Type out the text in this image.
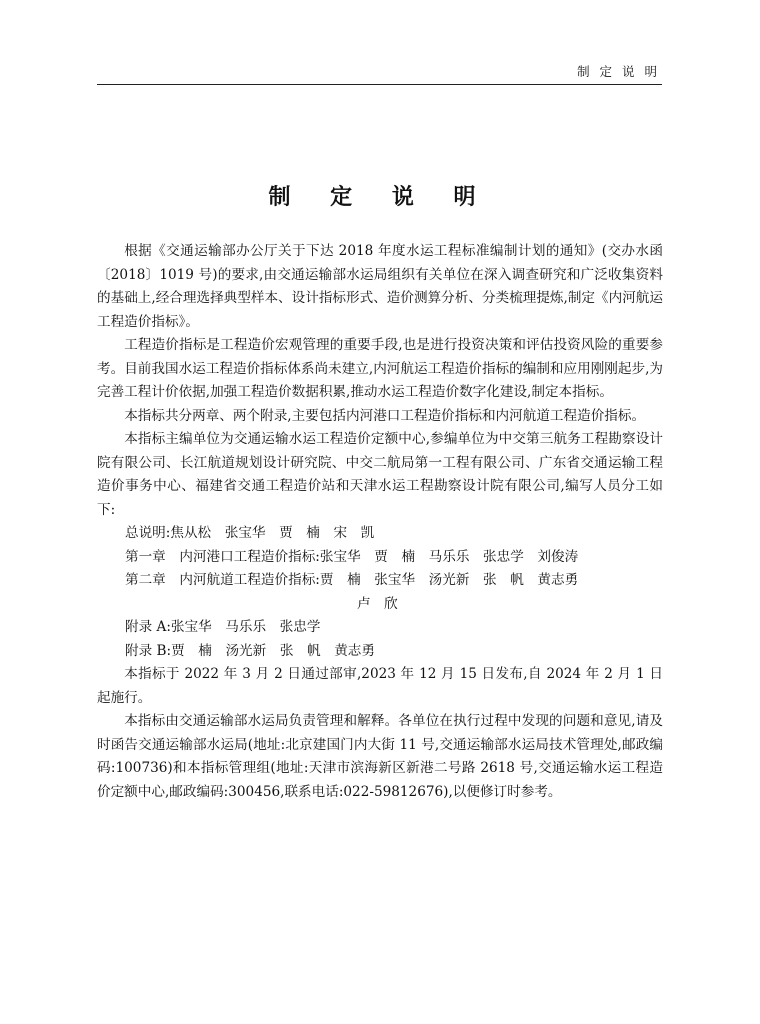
制 定 说 明
制 定 说 明

根据《交通运输部办公厅关于下达 2018 年度水运工程标准编制计划的通知》(交办水函〔2018〕1019 号)的要求,由交通运输部水运局组织有关单位在深入调查研究和广泛收集资料的基础上,经合理选择典型样本、设计指标形式、造价测算分析、分类梳理提炼,制定《内河航运工程造价指标》。

工程造价指标是工程造价宏观管理的重要手段,也是进行投资决策和评估投资风险的重要参考。目前我国水运工程造价指标体系尚未建立,内河航运工程造价指标的编制和应用刚刚起步,为完善工程计价依据,加强工程造价数据积累,推动水运工程造价数字化建设,制定本指标。

本指标共分两章、两个附录,主要包括内河港口工程造价指标和内河航道工程造价指标。

本指标主编单位为交通运输水运工程造价定额中心,参编单位为中交第三航务工程勘察设计院有限公司、长江航道规划设计研究院、中交二航局第一工程有限公司、广东省交通运输工程造价事务中心、福建省交通工程造价站和天津水运工程勘察设计院有限公司,编写人员分工如下:

总说明:焦从松　张宝华　贾　楠　宋　凯
第一章　内河港口工程造价指标:张宝华　贾　楠　马乐乐　张忠学　刘俊涛
第二章　内河航道工程造价指标:贾　楠　张宝华　汤光新　张　帆　黄志勇
卢　欣
附录 A:张宝华　马乐乐　张忠学
附录 B:贾　楠　汤光新　张　帆　黄志勇

本指标于 2022 年 3 月 2 日通过部审,2023 年 12 月 15 日发布,自 2024 年 2 月 1 日起施行。

本指标由交通运输部水运局负责管理和解释。各单位在执行过程中发现的问题和意见,请及时函告交通运输部水运局(地址:北京建国门内大街 11 号,交通运输部水运局技术管理处,邮政编码:100736)和本指标管理组(地址:天津市滨海新区新港二号路 2618 号,交通运输水运工程造价定额中心,邮政编码:300456,联系电话:022-59812676),以便修订时参考。
